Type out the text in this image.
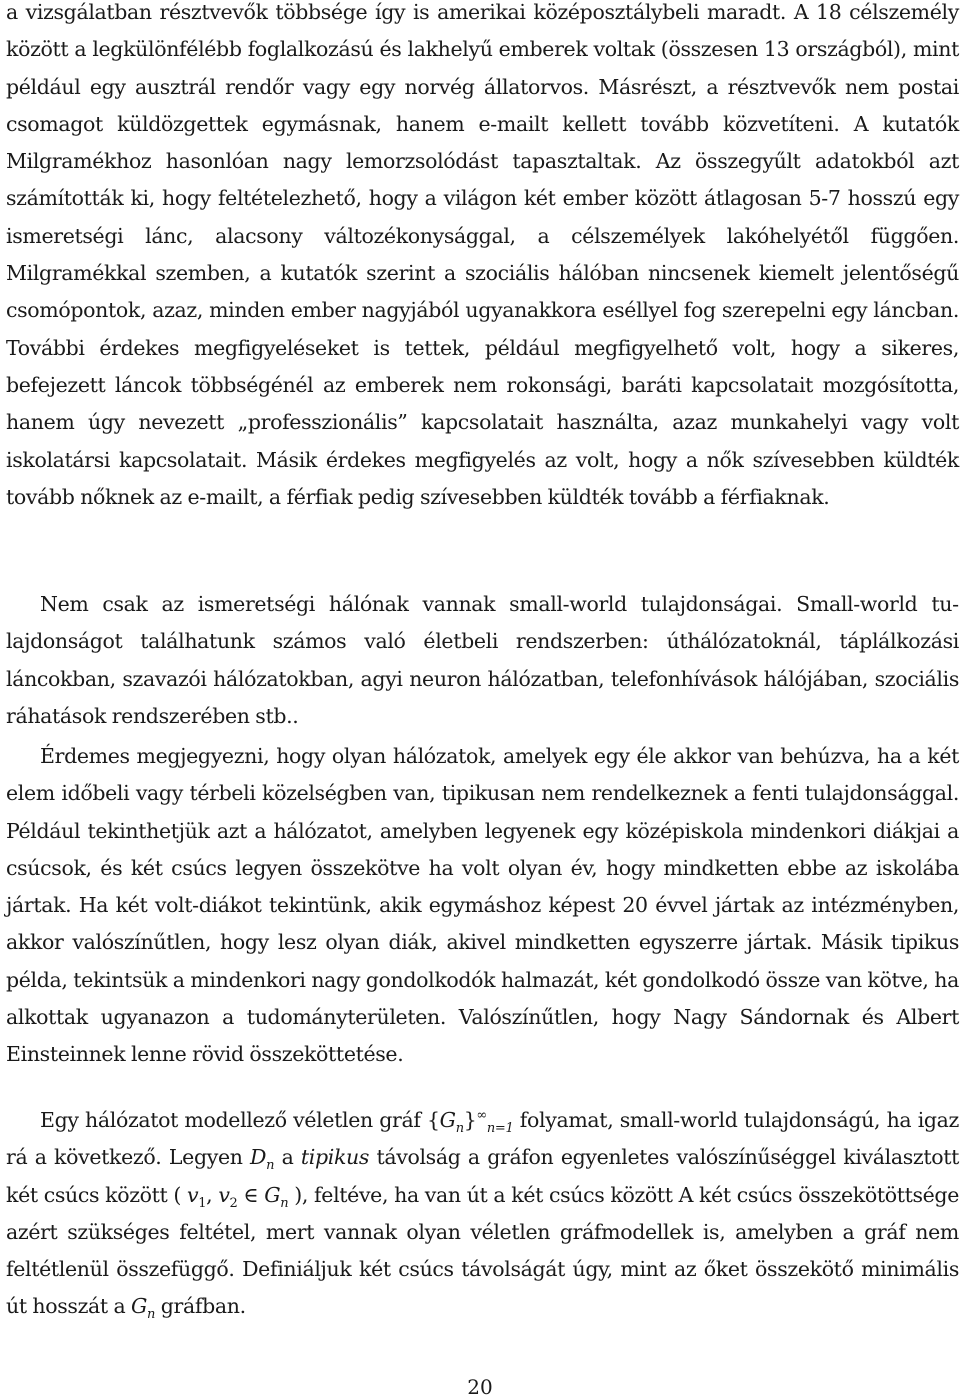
a vizsgálatban résztvevők többsége így is amerikai középosztálybeli maradt. A 18 célszemély között a legkülönfélébb foglalkozású és lakhelyű emberek voltak (összesen 13 országból), mint például egy ausztrál rendőr vagy egy norvég állatorvos. Másrészt, a résztvevők nem postai csomagot küldözgettek egymásnak, hanem e-mailt kellett tovább közvetíteni. A kutatók Milgramékhoz hasonlóan nagy lemorzsolódást tapasztaltak. Az összegyűlt adatokból azt számították ki, hogy feltételezhető, hogy a világon két ember között átlagosan 5-7 hosszú egy ismeretségi lánc, alacsony változékonysággal, a célszemélyek lakóhelyétől függően. Milgramékkal szemben, a kutatók szerint a szociális hálóban nincsenek kiemelt jelentőségű csomópontok, azaz, minden ember nagyjából ugyanakkora eséllyel fog szerepelni egy láncban. További érdekes megfigyeléseket is tettek, például megfigyelhető volt, hogy a sikeres, befejezett láncok többségénél az emberek nem rokonsági, baráti kapcsolatait mozgósította, hanem úgy nevezett „professzionális” kapcsolatait használta, azaz munkahelyi vagy volt iskolatársi kapcsolatait. Másik érdekes megfigyelés az volt, hogy a nők szívesebben küldték tovább nőknek az e-mailt, a férfiak pedig szívesebben küldték tovább a férfiaknak.

Nem csak az ismeretségi hálónak vannak small-world tulajdonságai. Small-world tulajdonságot találhatunk számos való életbeli rendszerben: úthálózatoknál, táplálkozási láncokban, szavazói hálózatokban, agyi neuron hálózatban, telefonhívások hálójában, szociális ráhatások rendszerében stb..

Érdemes megjegyezni, hogy olyan hálózatok, amelyek egy éle akkor van behúzva, ha a két elem időbeli vagy térbeli közelségben van, tipikusan nem rendelkeznek a fenti tulajdonsággal. Például tekinthetjük azt a hálózatot, amelyben legyenek egy középiskola mindenkori diákjai a csúcsok, és két csúcs legyen összekötve ha volt olyan év, hogy mindketten ebbe az iskolába jártak. Ha két volt-diákot tekintünk, akik egymáshoz képest 20 évvel jártak az intézményben, akkor valószínűtlen, hogy lesz olyan diák, akivel mindketten egyszerre jártak. Másik tipikus példa, tekintsük a mindenkori nagy gondolkodók halmazát, két gondolkodó össze van kötve, ha alkottak ugyanazon a tudományterületen. Valószínűtlen, hogy Nagy Sándornak és Albert Einsteinnek lenne rövid összeköttetése.

Egy hálózatot modellező véletlen gráf $\{G_n\}^\infty_{n=1}$ folyamat, small-world tulajdonságú, ha igaz rá a következő. Legyen $D_n$ a tipikus távolság a gráfon egyenletes valószínűséggel kiválasztott két csúcs között ( $v_1$, $v_2$ ∈ $G_n$ ), feltéve, ha van út a két csúcs között A két csúcs összekötöttsége azért szükséges feltétel, mert vannak olyan véletlen gráfmodellek is, amelyben a gráf nem feltétlenül összefüggő. Definiáljuk két csúcs távolságát úgy, mint az őket összekötő minimális út hosszát a $G_n$ gráfban.

20
